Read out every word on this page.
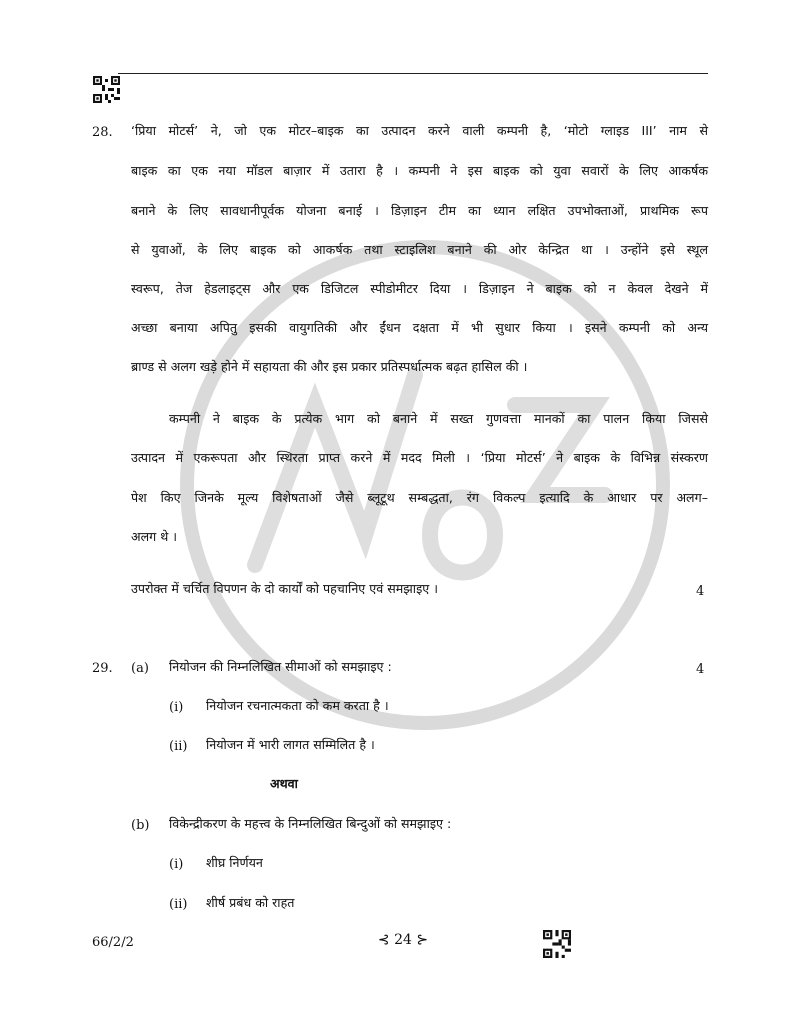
28. ‘प्रिया मोटर्स’ ने, जो एक मोटर–बाइक का उत्पादन करने वाली कम्पनी है, ‘मोटो ग्लाइड III’ नाम से
बाइक का एक नया मॉडल बाज़ार में उतारा है । कम्पनी ने इस बाइक को युवा सवारों के लिए आकर्षक
बनाने के लिए सावधानीपूर्वक योजना बनाई । डिज़ाइन टीम का ध्यान लक्षित उपभोक्ताओं, प्राथमिक रूप
से युवाओं, के लिए बाइक को आकर्षक तथा स्टाइलिश बनाने की ओर केन्द्रित था । उन्होंने इसे स्थूल
स्वरूप, तेज हेडलाइट्स और एक डिजिटल स्पीडोमीटर दिया । डिज़ाइन ने बाइक को न केवल देखने में
अच्छा बनाया अपितु इसकी वायुगतिकी और ईंधन दक्षता में भी सुधार किया । इसने कम्पनी को अन्य
ब्राण्ड से अलग खड़े होने में सहायता की और इस प्रकार प्रतिस्पर्धात्मक बढ़त हासिल की ।
कम्पनी ने बाइक के प्रत्येक भाग को बनाने में सख्त गुणवत्ता मानकों का पालन किया जिससे
उत्पादन में एकरूपता और स्थिरता प्राप्त करने में मदद मिली । ‘प्रिया मोटर्स’ ने बाइक के विभिन्न संस्करण
पेश किए जिनके मूल्य विशेषताओं जैसे ब्लूटूथ सम्बद्धता, रंग विकल्प इत्यादि के आधार पर अलग–
अलग थे ।
उपरोक्त में चर्चित विपणन के दो कार्यों को पहचानिए एवं समझाइए ।	4
29. (a) नियोजन की निम्नलिखित सीमाओं को समझाइए :	4
(i) नियोजन रचनात्मकता को कम करता है ।
(ii) नियोजन में भारी लागत सम्मिलित है ।
अथवा
(b) विकेन्द्रीकरण के महत्त्व के निम्नलिखित बिन्दुओं को समझाइए :
(i) शीघ्र निर्णयन
(ii) शीर्ष प्रबंध को राहत
66/2/2	⊰ 24 ⊱
